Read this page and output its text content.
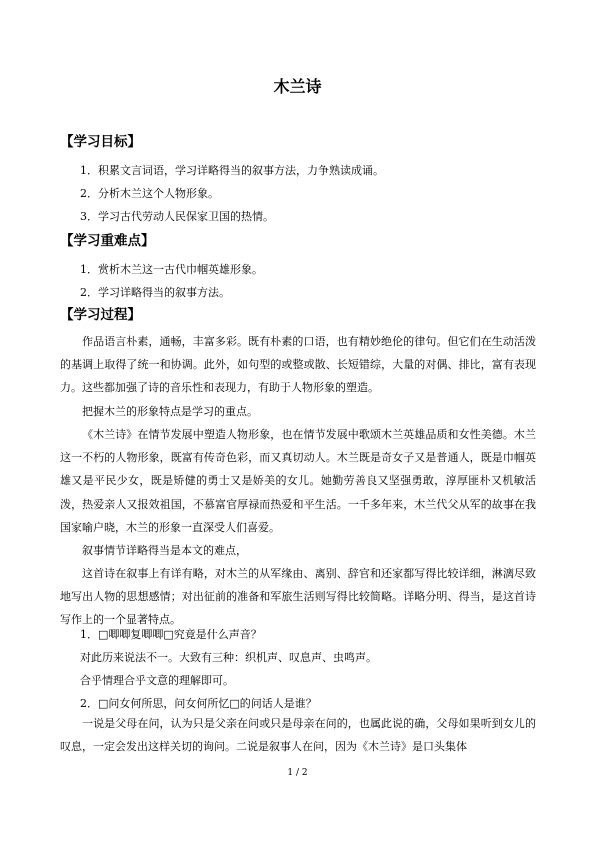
木兰诗
【学习目标】
1．积累文言词语，学习详略得当的叙事方法，力争熟读成诵。
2．分析木兰这个人物形象。
3．学习古代劳动人民保家卫国的热情。
【学习重难点】
1．赏析木兰这一古代巾帼英雄形象。
2．学习详略得当的叙事方法。
【学习过程】
作品语言朴素，通畅，丰富多彩。既有朴素的口语，也有精妙绝伦的律句。但它们在生动活泼的基调上取得了统一和协调。此外，如句型的或整或散、长短错综，大量的对偶、排比，富有表现力。这些都加强了诗的音乐性和表现力，有助于人物形象的塑造。
把握木兰的形象特点是学习的重点。
《木兰诗》在情节发展中塑造人物形象，也在情节发展中歌颂木兰英雄品质和女性美德。木兰这一不朽的人物形象，既富有传奇色彩，而又真切动人。木兰既是奇女子又是普通人，既是巾帼英雄又是平民少女，既是矫健的勇士又是娇美的女儿。她勤劳善良又坚强勇敢，淳厚匪朴又机敏活泼，热爱亲人又报效祖国，不慕富官厚禄而热爱和平生活。一千多年来，木兰代父从军的故事在我国家喻户晓，木兰的形象一直深受人们喜爱。
叙事情节详略得当是本文的难点，
这首诗在叙事上有详有略，对木兰的从军缘由、离别、辞官和还家都写得比较详细，淋漓尽致地写出人物的思想感情；对出征前的准备和军旅生活则写得比较简略。详略分明、得当，是这首诗写作上的一个显著特点。
1．□唧唧复唧唧□究竟是什么声音？
对此历来说法不一。大致有三种：织机声、叹息声、虫鸣声。
合乎情理合乎文意的理解即可。
2．□问女何所思，问女何所忆□的问话人是谁？
一说是父母在问，认为只是父亲在问或只是母亲在问的，也属此说的确，父母如果听到女儿的叹息，一定会发出这样关切的询问。二说是叙事人在问，因为《木兰诗》是口头集体
1 / 2
